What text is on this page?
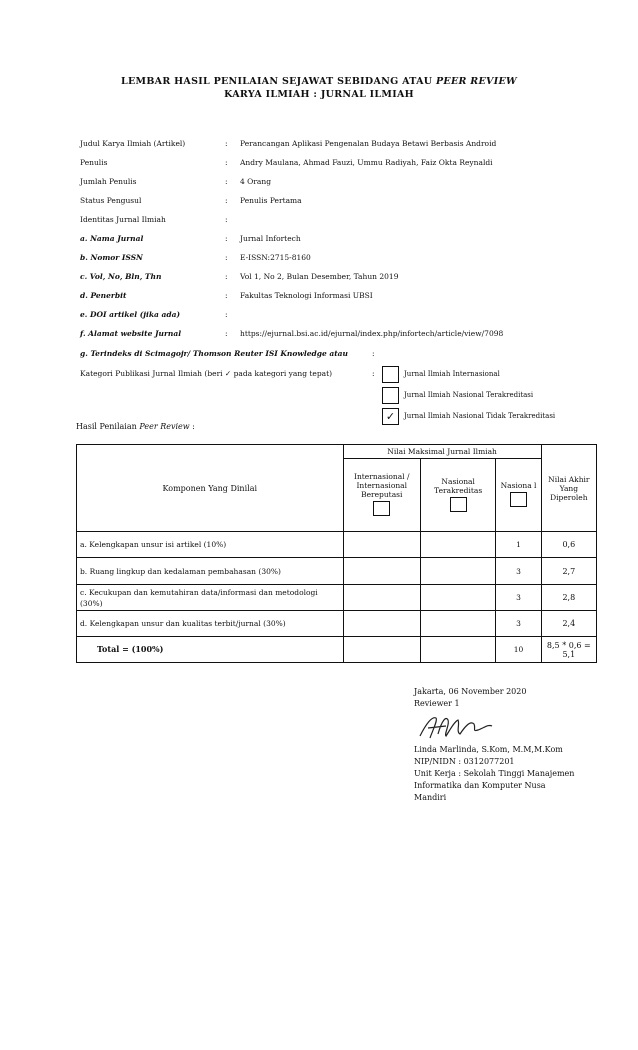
LEMBAR HASIL PENILAIAN SEJAWAT SEBIDANG ATAU PEER REVIEW
KARYA ILMIAH : JURNAL ILMIAH
Judul Karya Ilmiah (Artikel)	: Perancangan Aplikasi Pengenalan Budaya Betawi Berbasis Android
Penulis	: Andry Maulana, Ahmad Fauzi, Ummu Radiyah, Faiz Okta Reynaldi
Jumlah Penulis	: 4 Orang
Status Pengusul	: Penulis Pertama
Identitas Jurnal Ilmiah	:
a. Nama Jurnal	: Jurnal Infortech
b. Nomor ISSN	: E-ISSN:2715-8160
c. Vol, No, Bln, Thn	: Vol 1, No 2, Bulan Desember, Tahun 2019
d. Penerbit	: Fakultas Teknologi Informasi UBSI
e. DOI artikel (jika ada)	:
f. Alamat website Jurnal	: https://ejurnal.bsi.ac.id/ejurnal/index.php/infortech/article/view/7098
g. Terindeks di Scimagojr/ Thomson Reuter ISI Knowledge atau	:
Kategori Publikasi Jurnal Ilmiah (beri ✓ pada kategori yang tepat)	:	Jurnal Ilmiah Internasional
Jurnal Ilmiah Nasional Terakreditasi
✓	Jurnal Ilmiah Nasional Tidak Terakreditasi
Hasil Penilaian Peer Review :
Komponen Yang Dinilai	Nilai Maksimal Jurnal Ilmiah			Nilai Akhir Yang Diperoleh

	Internasional / Internasional Bereputasi	Nasional Terakreditas	Nasiona l	

a. Kelengkapan unsur isi artikel (10%)			1	0,6
b. Ruang lingkup dan kedalaman pembahasan (30%)			3	2,7
c. Kecukupan dan kemutahiran data/informasi dan metodologi (30%)			3	2,8
d. Kelengkapan unsur dan kualitas terbit/jurnal (30%)			3	2,4
Total = (100%)			10	8,5 * 0,6 = 5,1
Jakarta, 06 November 2020
Reviewer 1
Linda Marlinda, S.Kom, M.M,M.Kom
NIP/NIDN : 0312077201
Unit Kerja : Sekolah Tinggi Manajemen
Informatika dan Komputer Nusa
Mandiri
